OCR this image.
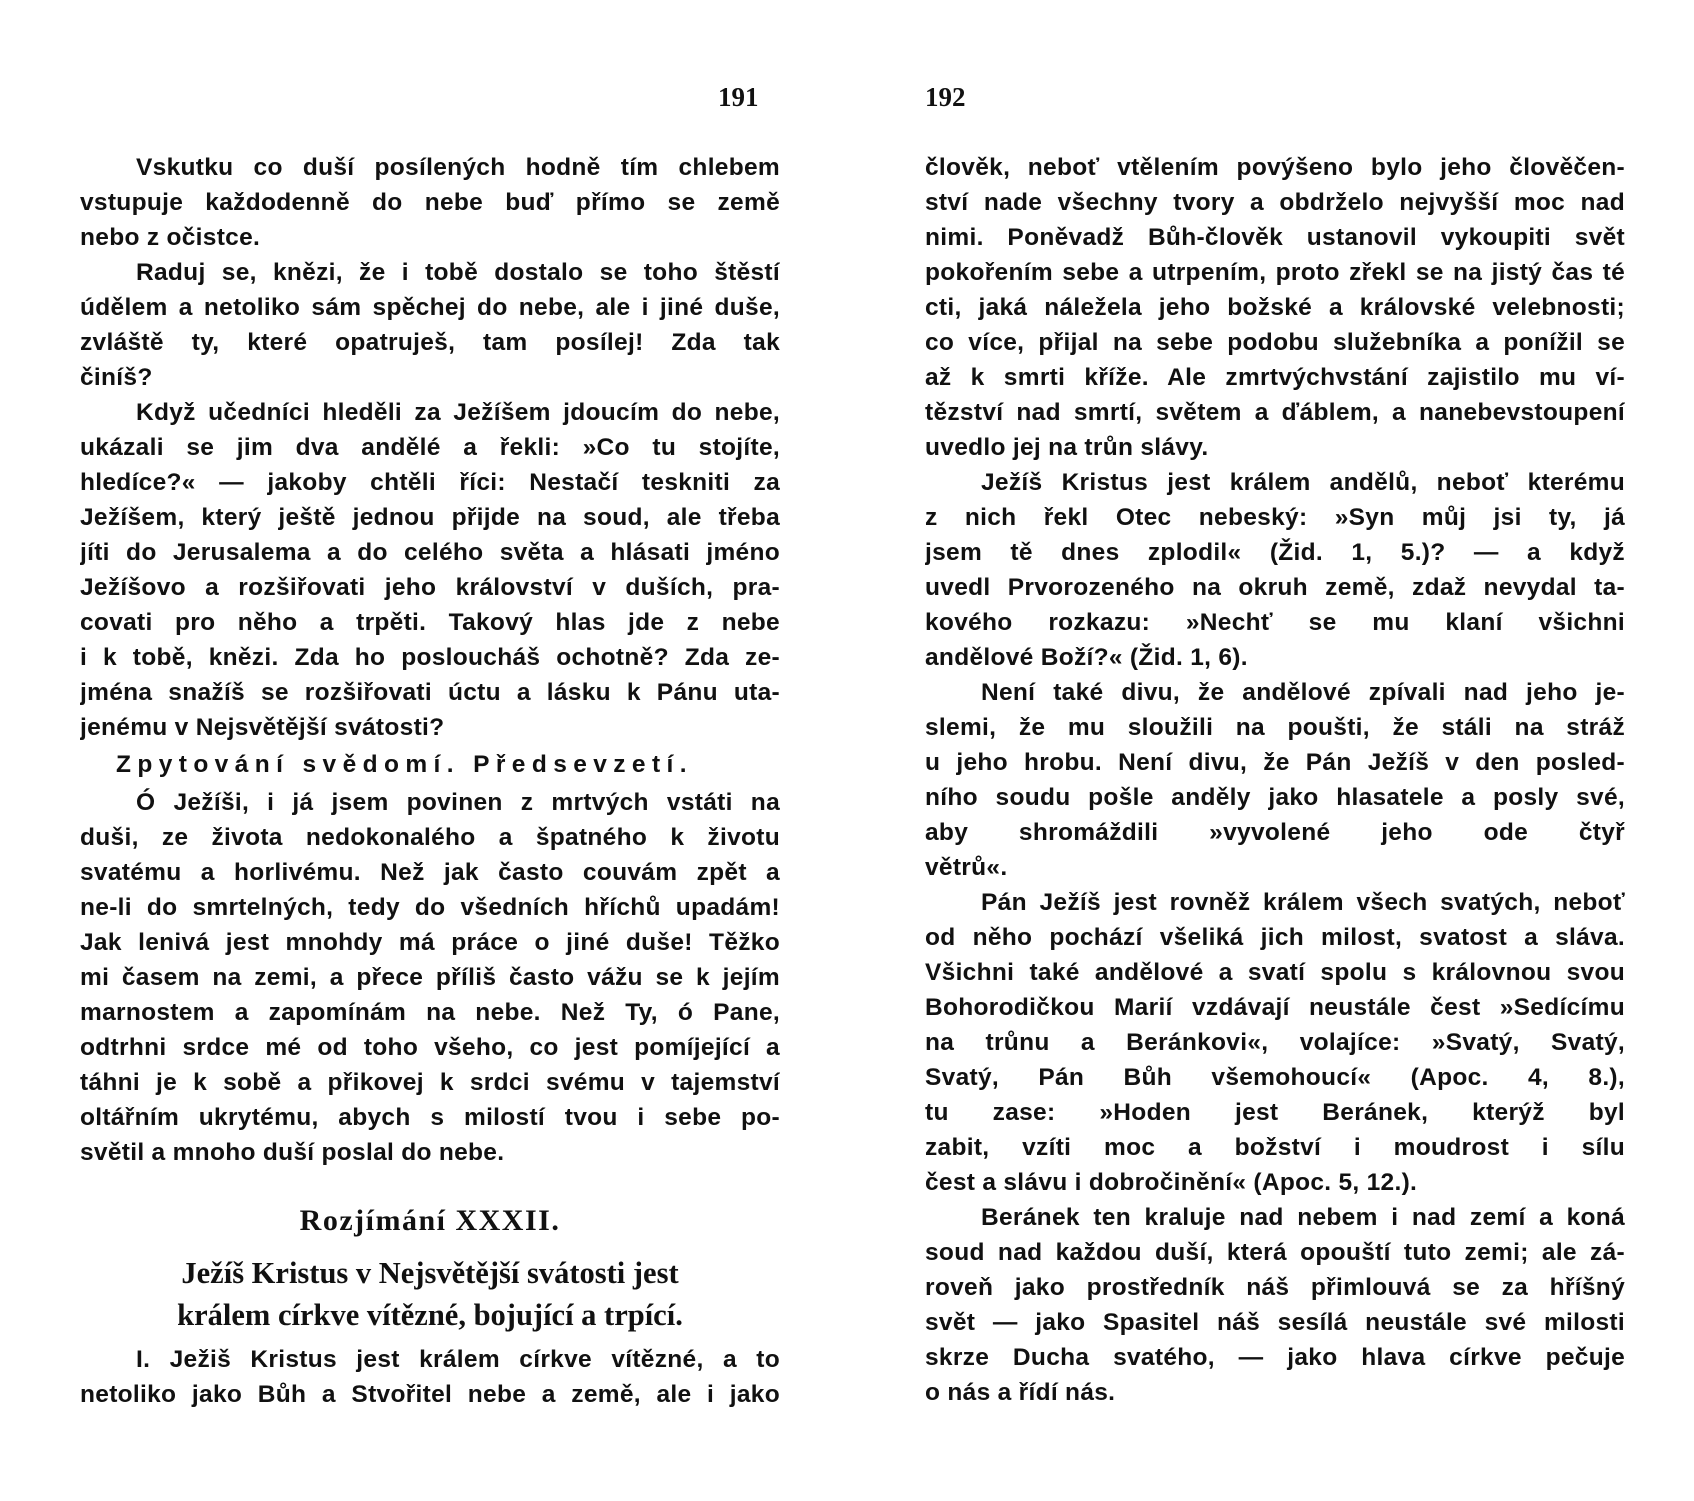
191
Vskutku co duší posílených hodně tím chlebem
vstupuje každodenně do nebe buď přímo se země
nebo z očistce.
Raduj se, knězi, že i tobě dostalo se toho štěstí
údělem a netoliko sám spěchej do nebe, ale i jiné duše,
zvláště ty, které opatruješ, tam posílej! Zda tak
činíš?
Když učedníci hleděli za Ježíšem jdoucím do nebe,
ukázali se jim dva andělé a řekli: »Co tu stojíte,
hledíce?« — jakoby chtěli říci: Nestačí teskniti za
Ježíšem, který ještě jednou přijde na soud, ale třeba
jíti do Jerusalema a do celého světa a hlásati jméno
Ježíšovo a rozšiřovati jeho království v duších, pra-
covati pro něho a trpěti. Takový hlas jde z nebe
i k tobě, knězi. Zda ho posloucháš ochotně? Zda ze-
jména snažíš se rozšiřovati úctu a lásku k Pánu uta-
jenému v Nejsvětější svátosti?
Zpytování svědomí. Předsevzetí.
Ó Ježíši, i já jsem povinen z mrtvých vstáti na
duši, ze života nedokonalého a špatného k životu
svatému a horlivému. Než jak často couvám zpět a
ne-li do smrtelných, tedy do všedních hříchů upadám!
Jak lenivá jest mnohdy má práce o jiné duše! Těžko
mi časem na zemi, a přece příliš často vážu se k jejím
marnostem a zapomínám na nebe. Než Ty, ó Pane,
odtrhni srdce mé od toho všeho, co jest pomíjející a
táhni je k sobě a přikovej k srdci svému v tajemství
oltářním ukrytému, abych s milostí tvou i sebe po-
světil a mnoho duší poslal do nebe.
Rozjímání XXXII.
Ježíš Kristus v Nejsvětější svátosti jest
králem církve vítězné, bojující a trpící.
I. Ježiš Kristus jest králem církve vítězné, a to
netoliko jako Bůh a Stvořitel nebe a země, ale i jako
192
člověk, neboť vtělením povýšeno bylo jeho člověčen-
ství nade všechny tvory a obdrželo nejvyšší moc nad
nimi. Poněvadž Bůh-člověk ustanovil vykoupiti svět
pokořením sebe a utrpením, proto zřekl se na jistý čas té
cti, jaká náležela jeho božské a královské velebnosti;
co více, přijal na sebe podobu služebníka a ponížil se
až k smrti kříže. Ale zmrtvýchvstání zajistilo mu ví-
tězství nad smrtí, světem a ďáblem, a nanebevstoupení
uvedlo jej na trůn slávy.
Ježíš Kristus jest králem andělů, neboť kterému
z nich řekl Otec nebeský: »Syn můj jsi ty, já
jsem tě dnes zplodil« (Žid. 1, 5.)? — a když
uvedl Prvorozeného na okruh země, zdaž nevydal ta-
kového rozkazu: »Nechť se mu klaní všichni
andělové Boží?« (Žid. 1, 6).
Není také divu, že andělové zpívali nad jeho je-
slemi, že mu sloužili na poušti, že stáli na stráž
u jeho hrobu. Není divu, že Pán Ježíš v den posled-
ního soudu pošle anděly jako hlasatele a posly své,
aby shromáždili »vyvolené jeho ode čtyř
větrů«.
Pán Ježíš jest rovněž králem všech svatých, neboť
od něho pochází všeliká jich milost, svatost a sláva.
Všichni také andělové a svatí spolu s královnou svou
Bohorodičkou Marií vzdávají neustále čest »Sedícímu
na trůnu a Beránkovi«, volajíce: »Svatý, Svatý,
Svatý, Pán Bůh všemohoucí« (Apoc. 4, 8.),
tu zase: »Hoden jest Beránek, kterýž byl
zabit, vzíti moc a božství i moudrost i sílu
čest a slávu i dobročinění« (Apoc. 5, 12.).
Beránek ten kraluje nad nebem i nad zemí a koná
soud nad každou duší, která opouští tuto zemi; ale zá-
roveň jako prostředník náš přimlouvá se za hříšný
svět — jako Spasitel náš sesílá neustále své milosti
skrze Ducha svatého, — jako hlava církve pečuje
o nás a řídí nás.
